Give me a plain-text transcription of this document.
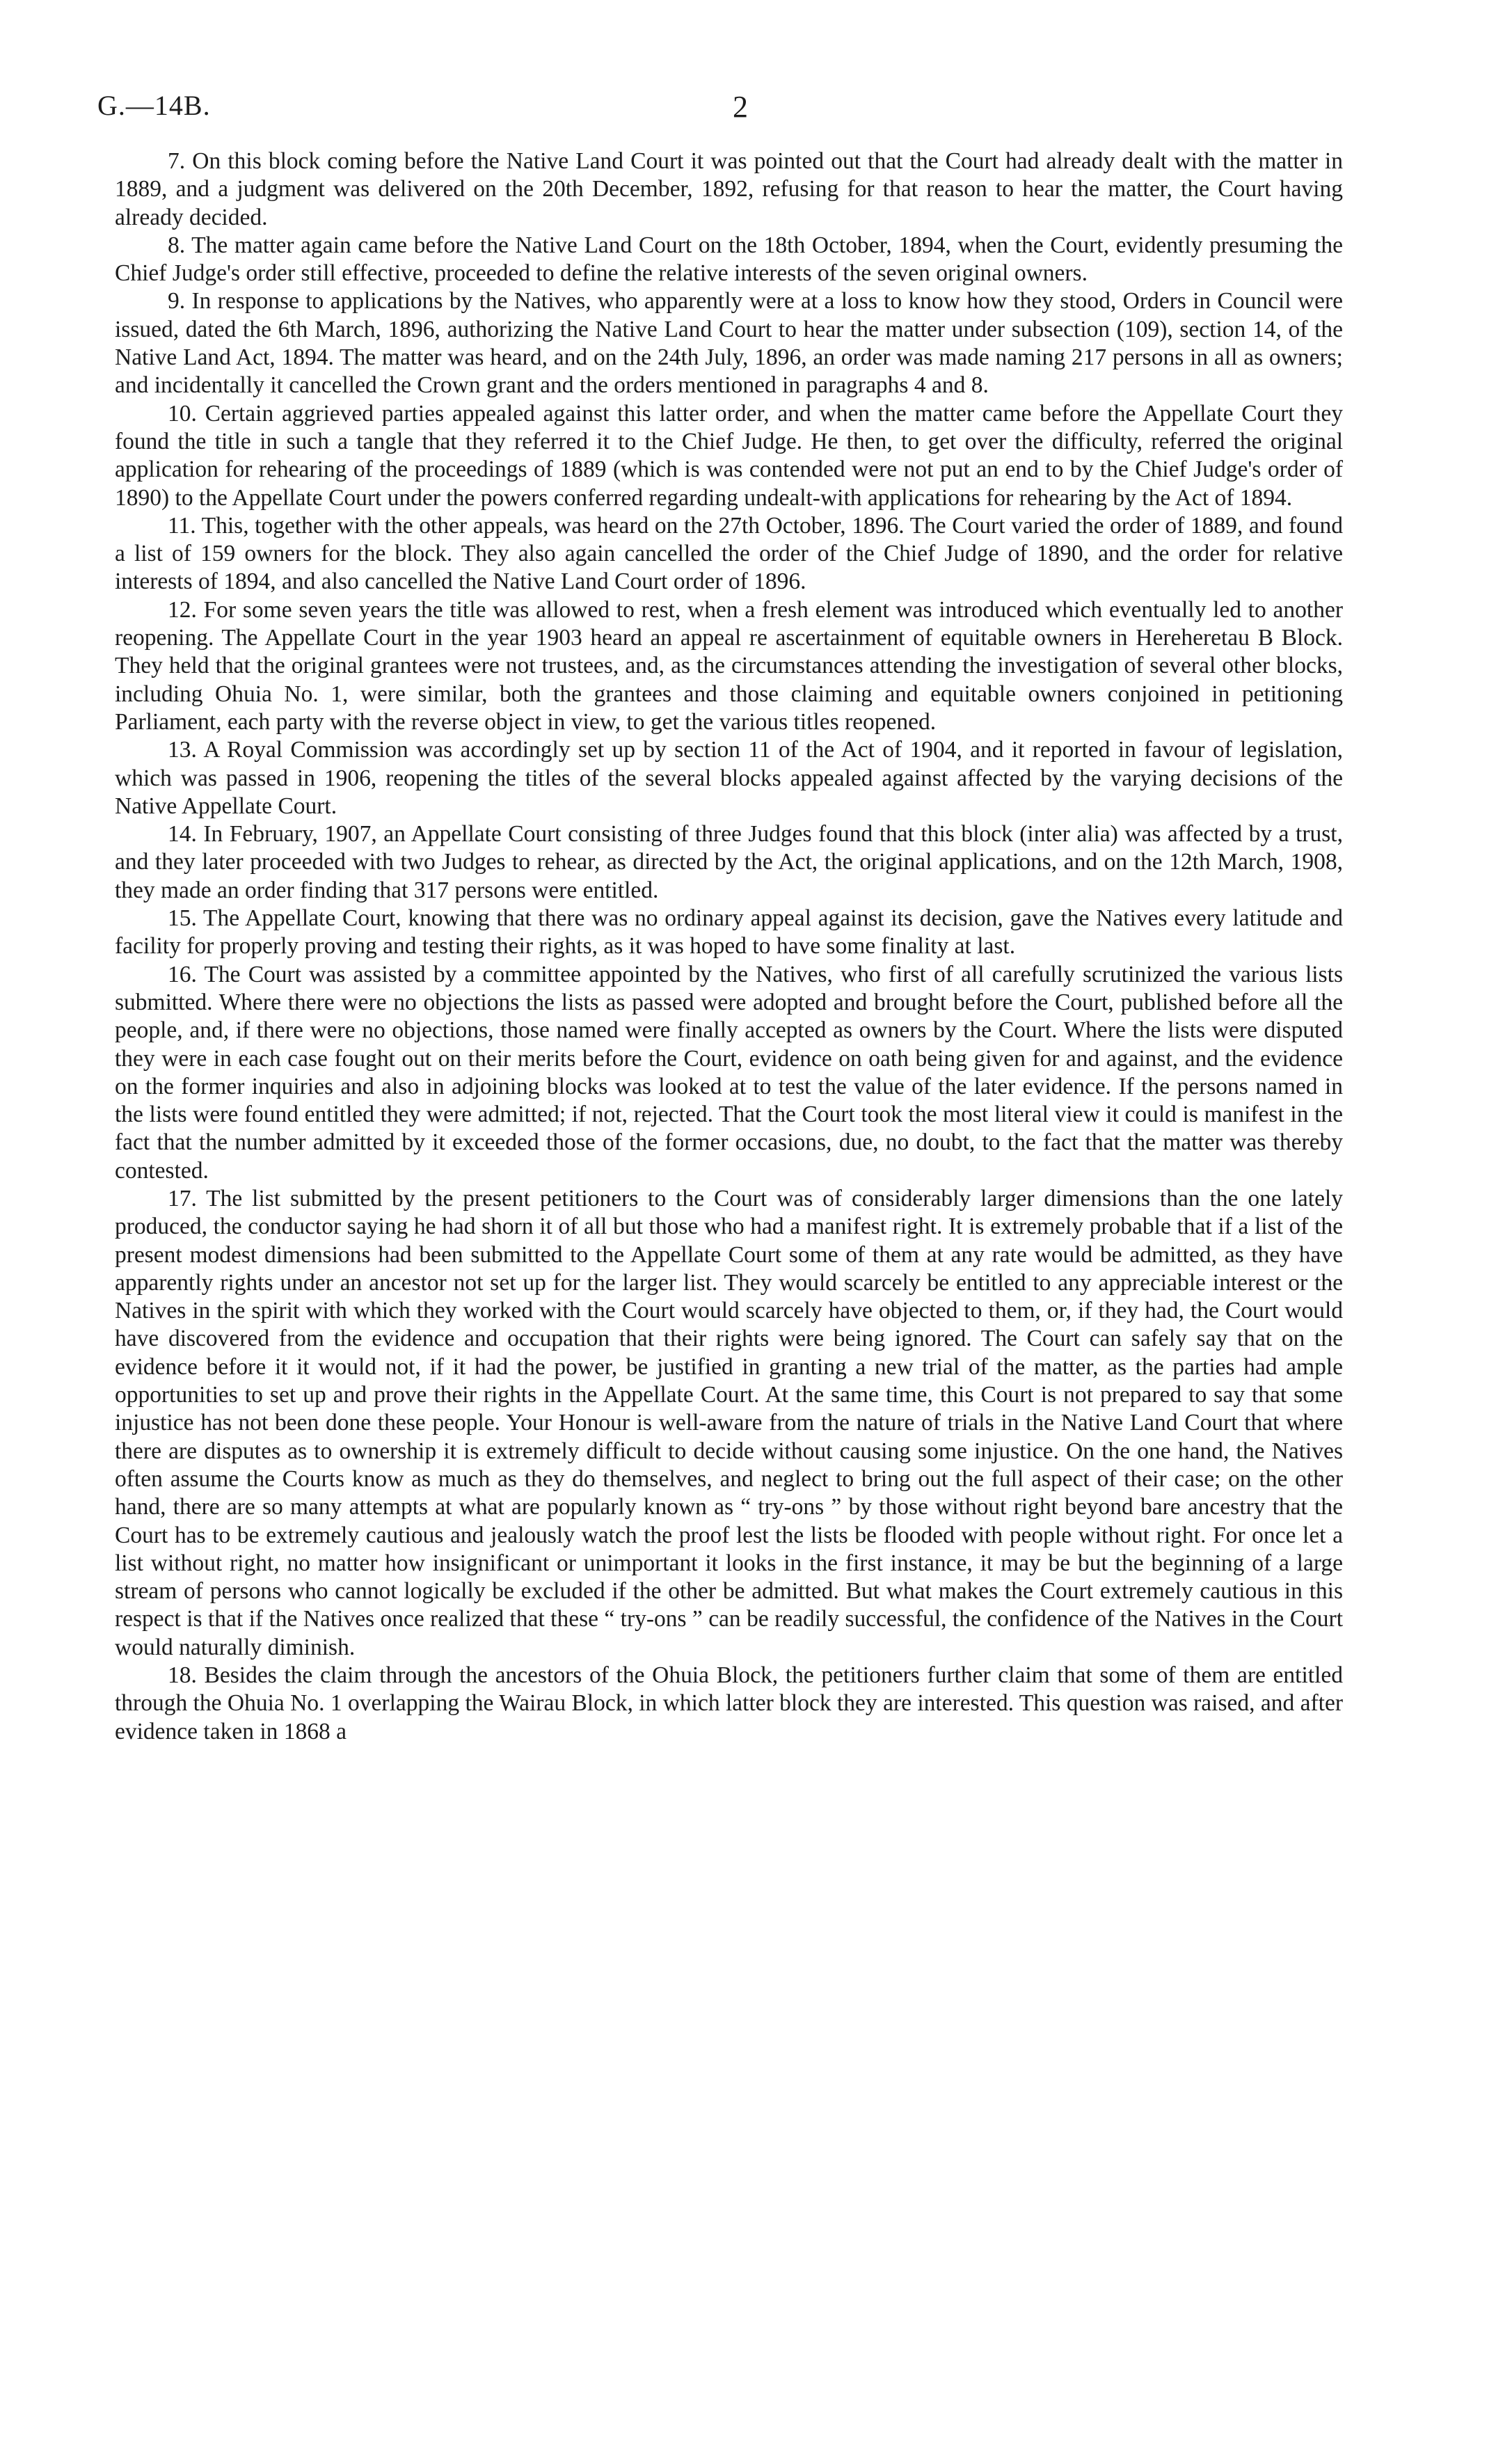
G.—14B.	2

7. On this block coming before the Native Land Court it was pointed out that the Court had already dealt with the matter in 1889, and a judgment was delivered on the 20th December, 1892, refusing for that reason to hear the matter, the Court having already decided.

8. The matter again came before the Native Land Court on the 18th October, 1894, when the Court, evidently presuming the Chief Judge's order still effective, proceeded to define the relative interests of the seven original owners.

9. In response to applications by the Natives, who apparently were at a loss to know how they stood, Orders in Council were issued, dated the 6th March, 1896, authorizing the Native Land Court to hear the matter under subsection (109), section 14, of the Native Land Act, 1894. The matter was heard, and on the 24th July, 1896, an order was made naming 217 persons in all as owners; and incidentally it cancelled the Crown grant and the orders mentioned in paragraphs 4 and 8.

10. Certain aggrieved parties appealed against this latter order, and when the matter came before the Appellate Court they found the title in such a tangle that they referred it to the Chief Judge. He then, to get over the difficulty, referred the original application for rehearing of the proceedings of 1889 (which is was contended were not put an end to by the Chief Judge's order of 1890) to the Appellate Court under the powers conferred regarding undealt-with applications for rehearing by the Act of 1894.

11. This, together with the other appeals, was heard on the 27th October, 1896. The Court varied the order of 1889, and found a list of 159 owners for the block. They also again cancelled the order of the Chief Judge of 1890, and the order for relative interests of 1894, and also cancelled the Native Land Court order of 1896.

12. For some seven years the title was allowed to rest, when a fresh element was introduced which eventually led to another reopening. The Appellate Court in the year 1903 heard an appeal re ascertainment of equitable owners in Hereheretau B Block. They held that the original grantees were not trustees, and, as the circumstances attending the investigation of several other blocks, including Ohuia No. 1, were similar, both the grantees and those claiming and equitable owners conjoined in petitioning Parliament, each party with the reverse object in view, to get the various titles reopened.

13. A Royal Commission was accordingly set up by section 11 of the Act of 1904, and it reported in favour of legislation, which was passed in 1906, reopening the titles of the several blocks appealed against affected by the varying decisions of the Native Appellate Court.

14. In February, 1907, an Appellate Court consisting of three Judges found that this block (inter alia) was affected by a trust, and they later proceeded with two Judges to rehear, as directed by the Act, the original applications, and on the 12th March, 1908, they made an order finding that 317 persons were entitled.

15. The Appellate Court, knowing that there was no ordinary appeal against its decision, gave the Natives every latitude and facility for properly proving and testing their rights, as it was hoped to have some finality at last.

16. The Court was assisted by a committee appointed by the Natives, who first of all carefully scrutinized the various lists submitted. Where there were no objections the lists as passed were adopted and brought before the Court, published before all the people, and, if there were no objections, those named were finally accepted as owners by the Court. Where the lists were disputed they were in each case fought out on their merits before the Court, evidence on oath being given for and against, and the evidence on the former inquiries and also in adjoining blocks was looked at to test the value of the later evidence. If the persons named in the lists were found entitled they were admitted; if not, rejected. That the Court took the most literal view it could is manifest in the fact that the number admitted by it exceeded those of the former occasions, due, no doubt, to the fact that the matter was thereby contested.

17. The list submitted by the present petitioners to the Court was of considerably larger dimensions than the one lately produced, the conductor saying he had shorn it of all but those who had a manifest right. It is extremely probable that if a list of the present modest dimensions had been submitted to the Appellate Court some of them at any rate would be admitted, as they have apparently rights under an ancestor not set up for the larger list. They would scarcely be entitled to any appreciable interest or the Natives in the spirit with which they worked with the Court would scarcely have objected to them, or, if they had, the Court would have discovered from the evidence and occupation that their rights were being ignored. The Court can safely say that on the evidence before it it would not, if it had the power, be justified in granting a new trial of the matter, as the parties had ample opportunities to set up and prove their rights in the Appellate Court. At the same time, this Court is not prepared to say that some injustice has not been done these people. Your Honour is well-aware from the nature of trials in the Native Land Court that where there are disputes as to ownership it is extremely difficult to decide without causing some injustice. On the one hand, the Natives often assume the Courts know as much as they do themselves, and neglect to bring out the full aspect of their case; on the other hand, there are so many attempts at what are popularly known as “ try-ons ” by those without right beyond bare ancestry that the Court has to be extremely cautious and jealously watch the proof lest the lists be flooded with people without right. For once let a list without right, no matter how insignificant or unimportant it looks in the first instance, it may be but the beginning of a large stream of persons who cannot logically be excluded if the other be admitted. But what makes the Court extremely cautious in this respect is that if the Natives once realized that these “ try-ons ” can be readily successful, the confidence of the Natives in the Court would naturally diminish.

18. Besides the claim through the ancestors of the Ohuia Block, the petitioners further claim that some of them are entitled through the Ohuia No. 1 overlapping the Wairau Block, in which latter block they are interested. This question was raised, and after evidence taken in 1868 a
